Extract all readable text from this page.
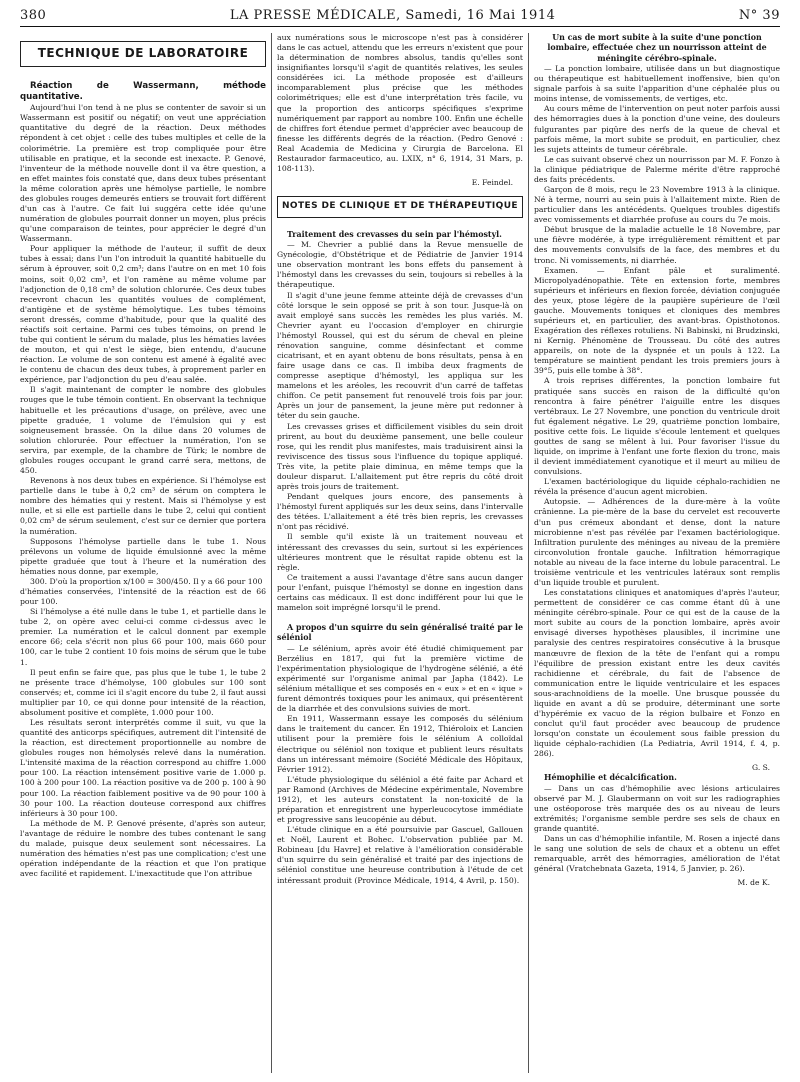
380	LA PRESSE MÉDICALE, Samedi, 16 Mai 1914	N° 39
TECHNIQUE DE LABORATOIRE

Réaction de Wassermann, méthode quantitative.

Aujourd'hui l'on tend à ne plus se contenter de savoir si un Wassermann est positif ou négatif; on veut une appréciation quantitative du degré de la réaction. Deux méthodes répondent à cet objet : celle des tubes multiples et celle de la colorimétrie. La première est trop compliquée pour être utilisable en pratique, et la seconde est inexacte. P. Genové, l'inventeur de la méthode nouvelle dont il va être question, a en effet maintes fois constaté que, dans deux tubes présentant la même coloration après une hémolyse partielle, le nombre des globules rouges demeurés entiers se trouvait fort différent d'un cas à l'autre. Ce fait lui suggéra cette idée qu'une numération de globules pourrait donner un moyen, plus précis qu'une comparaison de teintes, pour apprécier le degré d'un Wassermann.

Pour appliquer la méthode de l'auteur, il suffit de deux tubes à essai; dans l'un l'on introduit la quantité habituelle du sérum à éprouver, soit 0,2 cm³; dans l'autre on en met 10 fois moins, soit 0,02 cm³, et l'on ramène au même volume par l'adjonction de 0,18 cm³ de solution chlorurée. Ces deux tubes recevront chacun les quantités voulues de complément, d'antigène et de système hémolytique. Les tubes témoins seront dressés, comme d'habitude, pour que la qualité des réactifs soit certaine. Parmi ces tubes témoins, on prend le tube qui contient le sérum du malade, plus les hématies lavées de mouton, et qui n'est le siège, bien entendu, d'aucune réaction. Le volume de son contenu est amené à égalité avec le contenu de chacun des deux tubes, à proprement parler en expérience, par l'adjonction du peu d'eau salée.

Il s'agit maintenant de compter le nombre des globules rouges que le tube témoin contient. En observant la technique habituelle et les précautions d'usage, on prélève, avec une pipette graduée, 1 volume de l'émulsion qui y est soigneusement brassée. On la dilue dans 20 volumes de solution chlorurée. Pour effectuer la numération, l'on se servira, par exemple, de la chambre de Türk; le nombre de globules rouges occupant le grand carré sera, mettons, de 450.

Revenons à nos deux tubes en expérience. Si l'hémolyse est partielle dans le tube à 0,2 cm³ de sérum on comptera le nombre des hématies qui y restent. Mais si l'hémolyse y est nulle, et si elle est partielle dans le tube 2, celui qui contient 0,02 cm³ de sérum seulement, c'est sur ce dernier que portera la numération.

Supposons l'hémolyse partielle dans le tube 1. Nous prélevons un volume de liquide émulsionné avec la même pipette graduée que tout à l'heure et la numération des hématies nous donne, par exemple,

300. D'où la proportion x/100 = 300/450. Il y a 66 pour 100

d'hématies conservées, l'intensité de la réaction est de 66 pour 100.

Si l'hémolyse a été nulle dans le tube 1, et partielle dans le tube 2, on opère avec celui-ci comme ci-dessus avec le premier. La numération et le calcul donnent par exemple encore 66; cela s'écrit non plus 66 pour 100, mais 660 pour 100, car le tube 2 contient 10 fois moins de sérum que le tube 1.

Il peut enfin se faire que, pas plus que le tube 1, le tube 2 ne présente trace d'hémolyse, 100 globules sur 100 sont conservés; et, comme ici il s'agit encore du tube 2, il faut aussi multiplier par 10, ce qui donne pour intensité de la réaction, absolument positive et complète, 1.000 pour 100.

Les résultats seront interprétés comme il suit, vu que la quantité des anticorps spécifiques, autrement dit l'intensité de la réaction, est directement proportionnelle au nombre de globules rouges non hémolysés relevé dans la numération. L'intensité maxima de la réaction correspond au chiffre 1.000 pour 100. La réaction intensément positive varie de 1.000 p. 100 à 200 pour 100. La réaction positive va de 200 p. 100 à 90 pour 100. La réaction faiblement positive va de 90 pour 100 à 30 pour 100. La réaction douteuse correspond aux chiffres inférieurs à 30 pour 100.

La méthode de M. P. Genové présente, d'après son auteur, l'avantage de réduire le nombre des tubes contenant le sang du malade, puisque deux seulement sont nécessaires. La numération des hématies n'est pas une complication; c'est une opération indépendante de la réaction et que l'on pratique avec facilité et rapidement. L'inexactitude que l'on attribue

aux numérations sous le microscope n'est pas à considérer dans le cas actuel, attendu que les erreurs n'existent que pour la détermination de nombres absolus, tandis qu'elles sont insignifiantes lorsqu'il s'agit de quantités relatives, les seules considérées ici. La méthode proposée est d'ailleurs incomparablement plus précise que les méthodes colorimétriques; elle est d'une interprétation très facile, vu que la proportion des anticorps spécifiques s'exprime numériquement par rapport au nombre 100. Enfin une échelle de chiffres fort étendue permet d'apprécier avec beaucoup de finesse les différents degrés de la réaction. (Pedro Genové : Real Academia de Medicina y Cirurgia de Barcelona. El Restaurador farmaceutico, au. LXIX, n° 6, 1914, 31 Mars, p. 108-113).

E. Feindel.
NOTES DE CLINIQUE ET DE THÉRAPEUTIQUE

Traitement des crevasses du sein par l'hémostyl.

— M. Chevrier a publié dans la Revue mensuelle de Gynécologie, d'Obstétrique et de Pédiatrie de Janvier 1914 une observation montrant les bons effets du pansement à l'hémostyl dans les crevasses du sein, toujours si rebelles à la thérapeutique.

Il s'agit d'une jeune femme atteinte déjà de crevasses d'un côté lorsque le sein opposé se prit à son tour. Jusque-là on avait employé sans succès les remèdes les plus variés. M. Chevrier ayant eu l'occasion d'employer en chirurgie l'hémostyl Roussel, qui est du sérum de cheval en pleine rénovation sanguine, comme désinfectant et comme cicatrisant, et en ayant obtenu de bons résultats, pensa à en faire usage dans ce cas. Il imbiba deux fragments de compresse aseptique d'hémostyl, les appliqua sur les mamelons et les aréoles, les recouvrit d'un carré de taffetas chiffon. Ce petit pansement fut renouvelé trois fois par jour. Après un jour de pansement, la jeune mère put redonner à téter du sein gauche.

Les crevasses grises et difficilement visibles du sein droit prirent, au bout du deuxième pansement, une belle couleur rose, qui les rendit plus manifestes, mais traduisirent ainsi la reviviscence des tissus sous l'influence du topique appliqué. Très vite, la petite plaie diminua, en même temps que la douleur disparut. L'allaitement put être repris du côté droit après trois jours de traitement.

Pendant quelques jours encore, des pansements à l'hémostyl furent appliqués sur les deux seins, dans l'intervalle des tétées. L'allaitement a été très bien repris, les crevasses n'ont pas récidivé.

Il semble qu'il existe là un traitement nouveau et intéressant des crevasses du sein, surtout si les expériences ultérieures montrent que le résultat rapide obtenu est la règle.

Ce traitement a aussi l'avantage d'être sans aucun danger pour l'enfant, puisque l'hémostyl se donne en ingestion dans certains cas médicaux. Il est donc indifférent pour lui que le mamelon soit imprégné lorsqu'il le prend.

A propos d'un squirre du sein généralisé traité par le séléniol

— Le sélénium, après avoir été étudié chimiquement par Berzélius en 1817, qui fut la première victime de l'expérimentation physiologique de l'hydrogène sélénié, a été expérimenté sur l'organisme animal par Japha (1842). Le sélénium métallique et ses composés en « eux » et en « ique » furent démontrés toxiques pour les animaux, qui présentèrent de la diarrhée et des convulsions suivies de mort.

En 1911, Wassermann essaye les composés du sélénium dans le traitement du cancer. En 1912, Thiéroloix et Lancien utilisent pour la première fois le sélénium A colloïdal électrique ou séléniol non toxique et publient leurs résultats dans un intéressant mémoire (Société Médicale des Hôpitaux, Février 1912).

L'étude physiologique du séléniol a été faite par Achard et par Ramond (Archives de Médecine expérimentale, Novembre 1912), et les auteurs constatent la non-toxicité de la préparation et enregistrent une hyperleucocytose immédiate et progressive sans leucopénie au début.

L'étude clinique en a été poursuivie par Gascuel, Gallouen et Noël, Laurent et Bohec. L'observation publiée par M. Robineau [du Havre] et relative à l'amélioration considérable d'un squirre du sein généralisé et traité par des injections de séléniol constitue une heureuse contribution à l'étude de cet intéressant produit (Province Médicale, 1914, 4 Avril, p. 150).

Un cas de mort subite à la suite d'une ponction lombaire, effectuée chez un nourrisson atteint de méningite cérébro-spinale.

— La ponction lombaire, utilisée dans un but diagnostique ou thérapeutique est habituellement inoffensive, bien qu'on signale parfois à sa suite l'apparition d'une céphalée plus ou moins intense, de vomissements, de vertiges, etc.

Au cours même de l'intervention on peut noter parfois aussi des hémorragies dues à la ponction d'une veine, des douleurs fulgurantes par piqûre des nerfs de la queue de cheval et parfois même, la mort subite se produit, en particulier, chez les sujets atteints de tumeur cérébrale.

Le cas suivant observé chez un nourrisson par M. F. Fonzo à la clinique pédiatrique de Palerme mérite d'être rapproché des faits précédents.

Garçon de 8 mois, reçu le 23 Novembre 1913 à la clinique. Né à terme, nourri au sein puis à l'allaitement mixte. Rien de particulier dans les antécédents. Quelques troubles digestifs avec vomissements et diarrhée profuse au cours du 7e mois.

Début brusque de la maladie actuelle le 18 Novembre, par une fièvre modérée, à type irrégulièrement rémittent et par des mouvements convulsifs de la face, des membres et du tronc. Ni vomissements, ni diarrhée.

Examen. — Enfant pâle et suralimenté. Micropolyadénopathie. Tête en extension forte, membres supérieurs et inférieurs en flexion forcée, déviation conjuguée des yeux, ptose légère de la paupière supérieure de l'œil gauche. Mouvements toniques et cloniques des membres supérieurs et, en particulier, des avant-bras. Opisthotonos. Exagération des réflexes rotuliens. Ni Babinski, ni Brudzinski, ni Kernig. Phénomène de Trousseau. Du côté des autres appareils, on note de la dyspnée et un pouls à 122. La température se maintient pendant les trois premiers jours à 39°5, puis elle tombe à 38°.

A trois reprises différentes, la ponction lombaire fut pratiquée sans succès en raison de la difficulté qu'on rencontra à faire pénétrer l'aiguille entre les disques vertébraux. Le 27 Novembre, une ponction du ventricule droit fut également négative. Le 29, quatrième ponction lombaire, positive cette fois. Le liquide s'écoule lentement et quelques gouttes de sang se mêlent à lui. Pour favoriser l'issue du liquide, on imprime à l'enfant une forte flexion du tronc, mais il devient immédiatement cyanotique et il meurt au milieu de convulsions.

L'examen bactériologique du liquide céphalo-rachidien ne révéla la présence d'aucun agent microbien.

Autopsie. — Adhérences de la dure-mère à la voûte crânienne. La pie-mère de la base du cervelet est recouverte d'un pus crémeux abondant et dense, dont la nature microbienne n'est pas révélée par l'examen bactériologique. Infiltration purulente des méninges au niveau de la première circonvolution frontale gauche. Infiltration hémorragique notable au niveau de la face interne du lobule paracentral. Le troisième ventricule et les ventricules latéraux sont remplis d'un liquide trouble et purulent.

Les constatations cliniques et anatomiques d'après l'auteur, permettent de considérer ce cas comme étant dû à une méningite cérébro-spinale. Pour ce qui est de la cause de la mort subite au cours de la ponction lombaire, après avoir envisagé diverses hypothèses plausibles, il incrimine une paralysie des centres respiratoires consécutive à la brusque manœuvre de flexion de la tête de l'enfant qui a rompu l'équilibre de pression existant entre les deux cavités rachidienne et cérébrale, du fait de l'absence de communication entre le liquide ventriculaire et les espaces sous-arachnoïdiens de la moelle. Une brusque poussée du liquide en avant a dû se produire, déterminant une sorte d'hypérémie ex vacuo de la région bulbaire et Fonzo en conclut qu'il faut procéder avec beaucoup de prudence lorsqu'on constate un écoulement sous faible pression du liquide céphalo-rachidien (La Pediatria, Avril 1914, f. 4, p. 286).

G. S.

Hémophilie et décalcification.

— Dans un cas d'hémophilie avec lésions articulaires observé par M. J. Glaubermann on voit sur les radiographies une ostéoporose très marquée des os au niveau de leurs extrémités; l'organisme semble perdre ses sels de chaux en grande quantité.

Dans un cas d'hémophilie infantile, M. Rosen a injecté dans le sang une solution de sels de chaux et a obtenu un effet remarquable, arrêt des hémorragies, amélioration de l'état général (Vratchebnata Gazeta, 1914, 5 Janvier, p. 26).

M. de K.
